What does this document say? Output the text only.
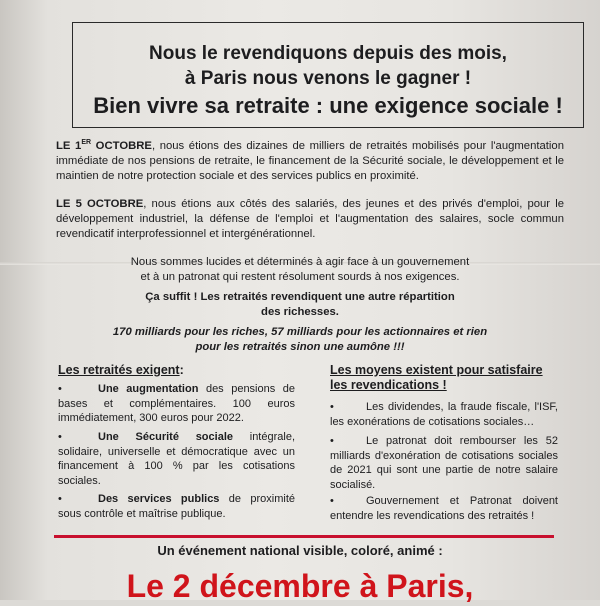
Nous le revendiquons depuis des mois,
à Paris nous venons le gagner !
Bien vivre sa retraite : une exigence sociale !
LE 1ER OCTOBRE, nous étions des dizaines de milliers de retraités mobilisés pour l'augmentation immédiate de nos pensions de retraite, le financement de la Sécurité sociale, le développement et le maintien de notre protection sociale et des services publics en proximité.
LE 5 OCTOBRE, nous étions aux côtés des salariés, des jeunes et des privés d'emploi, pour le développement industriel, la défense de l'emploi et l'augmentation des salaires, socle commun revendicatif interprofessionnel et intergénérationnel.
Nous sommes lucides et déterminés à agir face à un gouvernement et à un patronat qui restent résolument sourds à nos exigences.
Ça suffit ! Les retraités revendiquent une autre répartition des richesses.
170 milliards pour les riches, 57 milliards pour les actionnaires et rien pour les retraités sinon une aumône !!!
Les retraités exigent:
•	Une augmentation des pensions de bases et complémentaires. 100 euros immédiatement, 300 euros pour 2022.
•	Une Sécurité sociale intégrale, solidaire, universelle et démocratique avec un financement à 100 % par les cotisations sociales.
•	Des services publics de proximité sous contrôle et maîtrise publique.
Les moyens existent pour satisfaire les revendications !
•	Les dividendes, la fraude fiscale, l'ISF, les exonérations de cotisations sociales…
•	Le patronat doit rembourser les 52 milliards d'exonération de cotisations sociales de 2021 qui sont une partie de notre salaire socialisé.
•	Gouvernement et Patronat doivent entendre les revendications des retraités !
Un événement national visible, coloré, animé :
Le 2 décembre à Paris,
